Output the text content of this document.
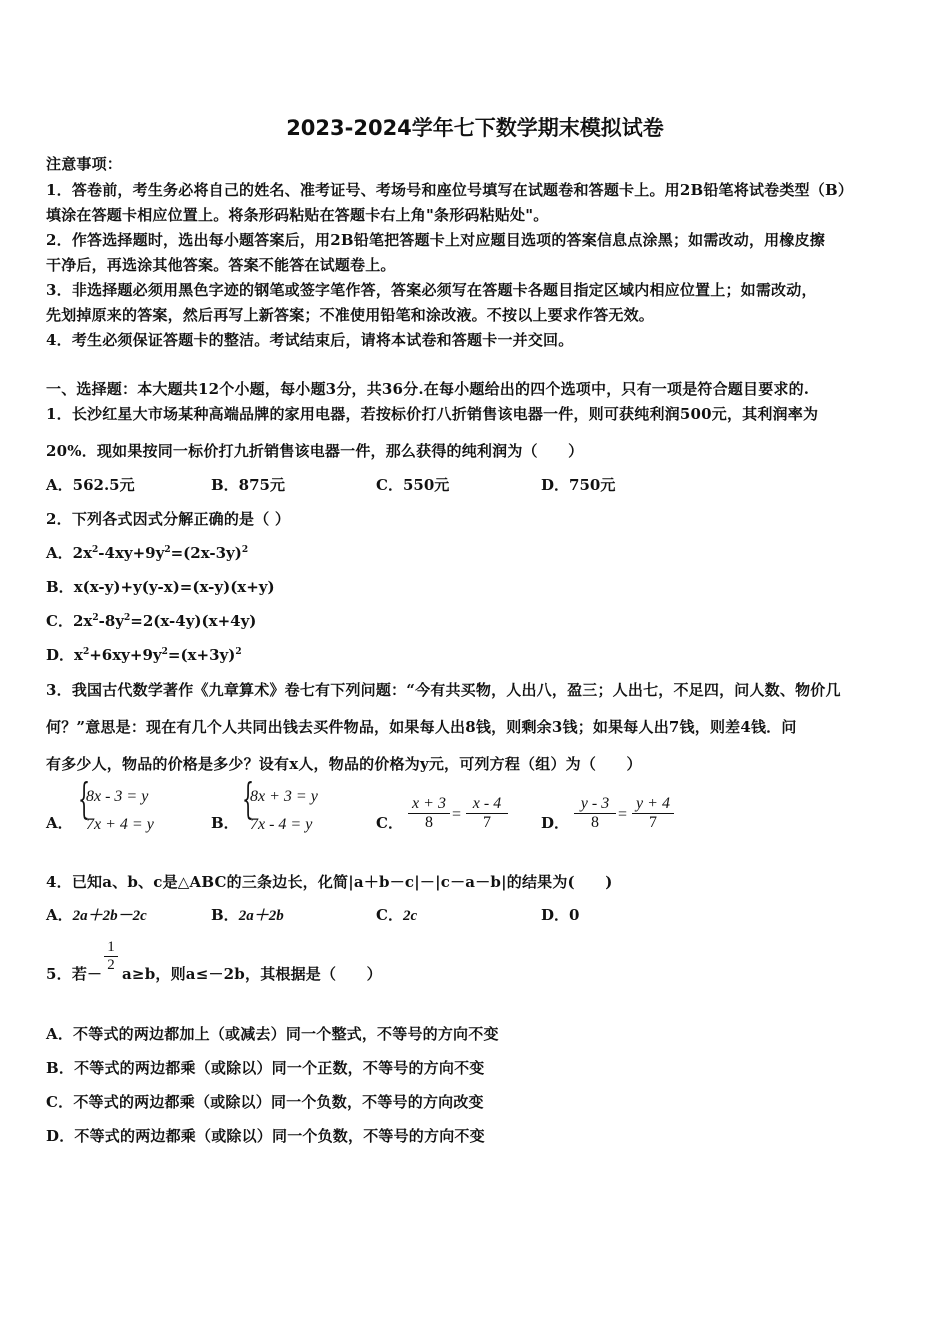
2023-2024学年七下数学期末模拟试卷
注意事项：
1．答卷前，考生务必将自己的姓名、准考证号、考场号和座位号填写在试题卷和答题卡上。用2B铅笔将试卷类型（B）
填涂在答题卡相应位置上。将条形码粘贴在答题卡右上角"条形码粘贴处"。
2．作答选择题时，选出每小题答案后，用2B铅笔把答题卡上对应题目选项的答案信息点涂黑；如需改动，用橡皮擦
干净后，再选涂其他答案。答案不能答在试题卷上。
3．非选择题必须用黑色字迹的钢笔或签字笔作答，答案必须写在答题卡各题目指定区域内相应位置上；如需改动，
先划掉原来的答案，然后再写上新答案；不准使用铅笔和涂改液。不按以上要求作答无效。
4．考生必须保证答题卡的整洁。考试结束后，请将本试卷和答题卡一并交回。
一、选择题：本大题共12个小题，每小题3分，共36分.在每小题给出的四个选项中，只有一项是符合题目要求的.
1．长沙红星大市场某种高端品牌的家用电器，若按标价打八折销售该电器一件，则可获纯利润500元，其利润率为
20%．现如果按同一标价打九折销售该电器一件，那么获得的纯利润为（　　）
A．562.5元	B．875元	C．550元	D．750元
2．下列各式因式分解正确的是（ ）
A．$2x^2-4xy+9y^2=(2x-3y)^2$
B．x(x-y)+y(y-x)=(x-y)(x+y)
C．$2x^2-8y^2=2(x-4y)(x+4y)$
D．$x^2+6xy+9y^2=(x+3y)^2$
3．我国古代数学著作《九章算术》卷七有下列问题：“今有共买物，人出八，盈三；人出七，不足四，问人数、物价几
何？”意思是：现在有几个人共同出钱去买件物品，如果每人出8钱，则剩余3钱；如果每人出7钱，则差4钱．问
有多少人，物品的价格是多少？设有x人，物品的价格为y元，可列方程（组）为（　　）
A． {
8x - 3 = y
7x + 4 = y	B． {
8x + 3 = y
7x - 4 = y	C． $\frac{x + 3}{8} = \frac{x - 4}{7}$ D． $\frac{y - 3}{8} = \frac{y + 4}{7}$
4．已知a、b、c是△ABC的三条边长，化简|a＋b－c|－|c－a－b|的结果为(　　)
A．2a＋2b－2c	B．2a＋2b	C．2c	D．0
5．若－ $\frac{1}{2} a\ge b$，则a≤－2b，其根据是（　　）
A．不等式的两边都加上（或减去）同一个整式，不等号的方向不变
B．不等式的两边都乘（或除以）同一个正数，不等号的方向不变
C．不等式的两边都乘（或除以）同一个负数，不等号的方向改变
D．不等式的两边都乘（或除以）同一个负数，不等号的方向不变
